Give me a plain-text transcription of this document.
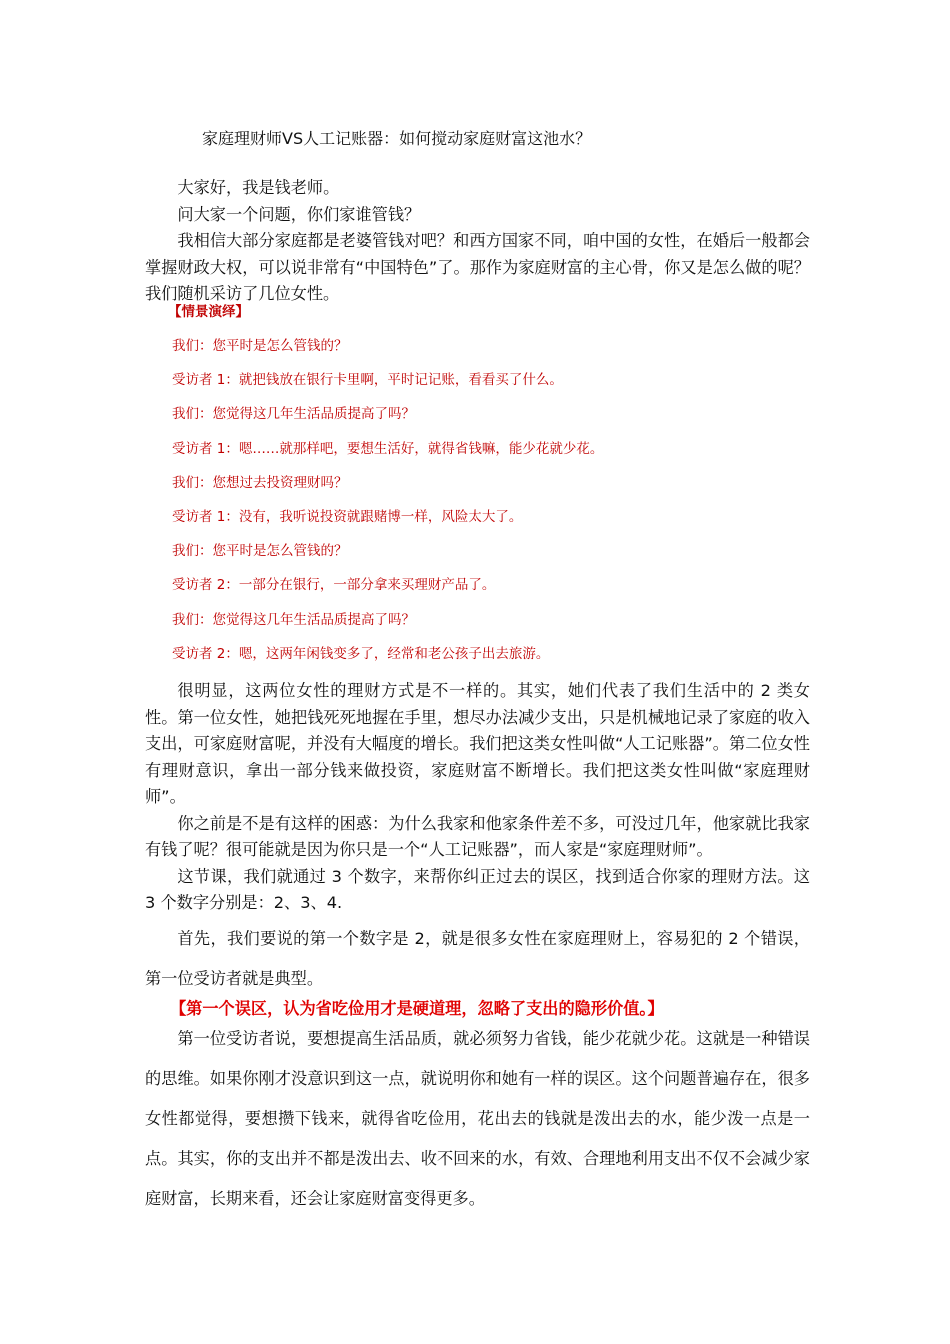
家庭理财师VS人工记账器：如何搅动家庭财富这池水？

大家好，我是钱老师。

问大家一个问题，你们家谁管钱？

我相信大部分家庭都是老婆管钱对吧？和西方国家不同，咱中国的女性，在婚后一般都会掌握财政大权，可以说非常有“中国特色”了。那作为家庭财富的主心骨，你又是怎么做的呢？我们随机采访了几位女性。

【情景演绎】
我们：您平时是怎么管钱的？
受访者 1：就把钱放在银行卡里啊，平时记记账，看看买了什么。
我们：您觉得这几年生活品质提高了吗？
受访者 1：嗯……就那样吧，要想生活好，就得省钱嘛，能少花就少花。
我们：您想过去投资理财吗？
受访者 1：没有，我听说投资就跟赌博一样，风险太大了。
我们：您平时是怎么管钱的？
受访者 2：一部分在银行，一部分拿来买理财产品了。
我们：您觉得这几年生活品质提高了吗？
受访者 2：嗯，这两年闲钱变多了，经常和老公孩子出去旅游。

很明显，这两位女性的理财方式是不一样的。其实，她们代表了我们生活中的 2 类女性。第一位女性，她把钱死死地握在手里，想尽办法减少支出，只是机械地记录了家庭的收入支出，可家庭财富呢，并没有大幅度的增长。我们把这类女性叫做“人工记账器”。第二位女性有理财意识，拿出一部分钱来做投资，家庭财富不断增长。我们把这类女性叫做“家庭理财师”。

你之前是不是有这样的困惑：为什么我家和他家条件差不多，可没过几年，他家就比我家有钱了呢？很可能就是因为你只是一个“人工记账器”，而人家是“家庭理财师”。

这节课，我们就通过 3 个数字，来帮你纠正过去的误区，找到适合你家的理财方法。这 3 个数字分别是：2、3、4.

首先，我们要说的第一个数字是 2，就是很多女性在家庭理财上，容易犯的 2 个错误，第一位受访者就是典型。

【第一个误区，认为省吃俭用才是硬道理，忽略了支出的隐形价值。】

第一位受访者说，要想提高生活品质，就必须努力省钱，能少花就少花。这就是一种错误的思维。如果你刚才没意识到这一点，就说明你和她有一样的误区。这个问题普遍存在，很多女性都觉得，要想攒下钱来，就得省吃俭用，花出去的钱就是泼出去的水，能少泼一点是一点。其实，你的支出并不都是泼出去、收不回来的水，有效、合理地利用支出不仅不会减少家庭财富，长期来看，还会让家庭财富变得更多。
